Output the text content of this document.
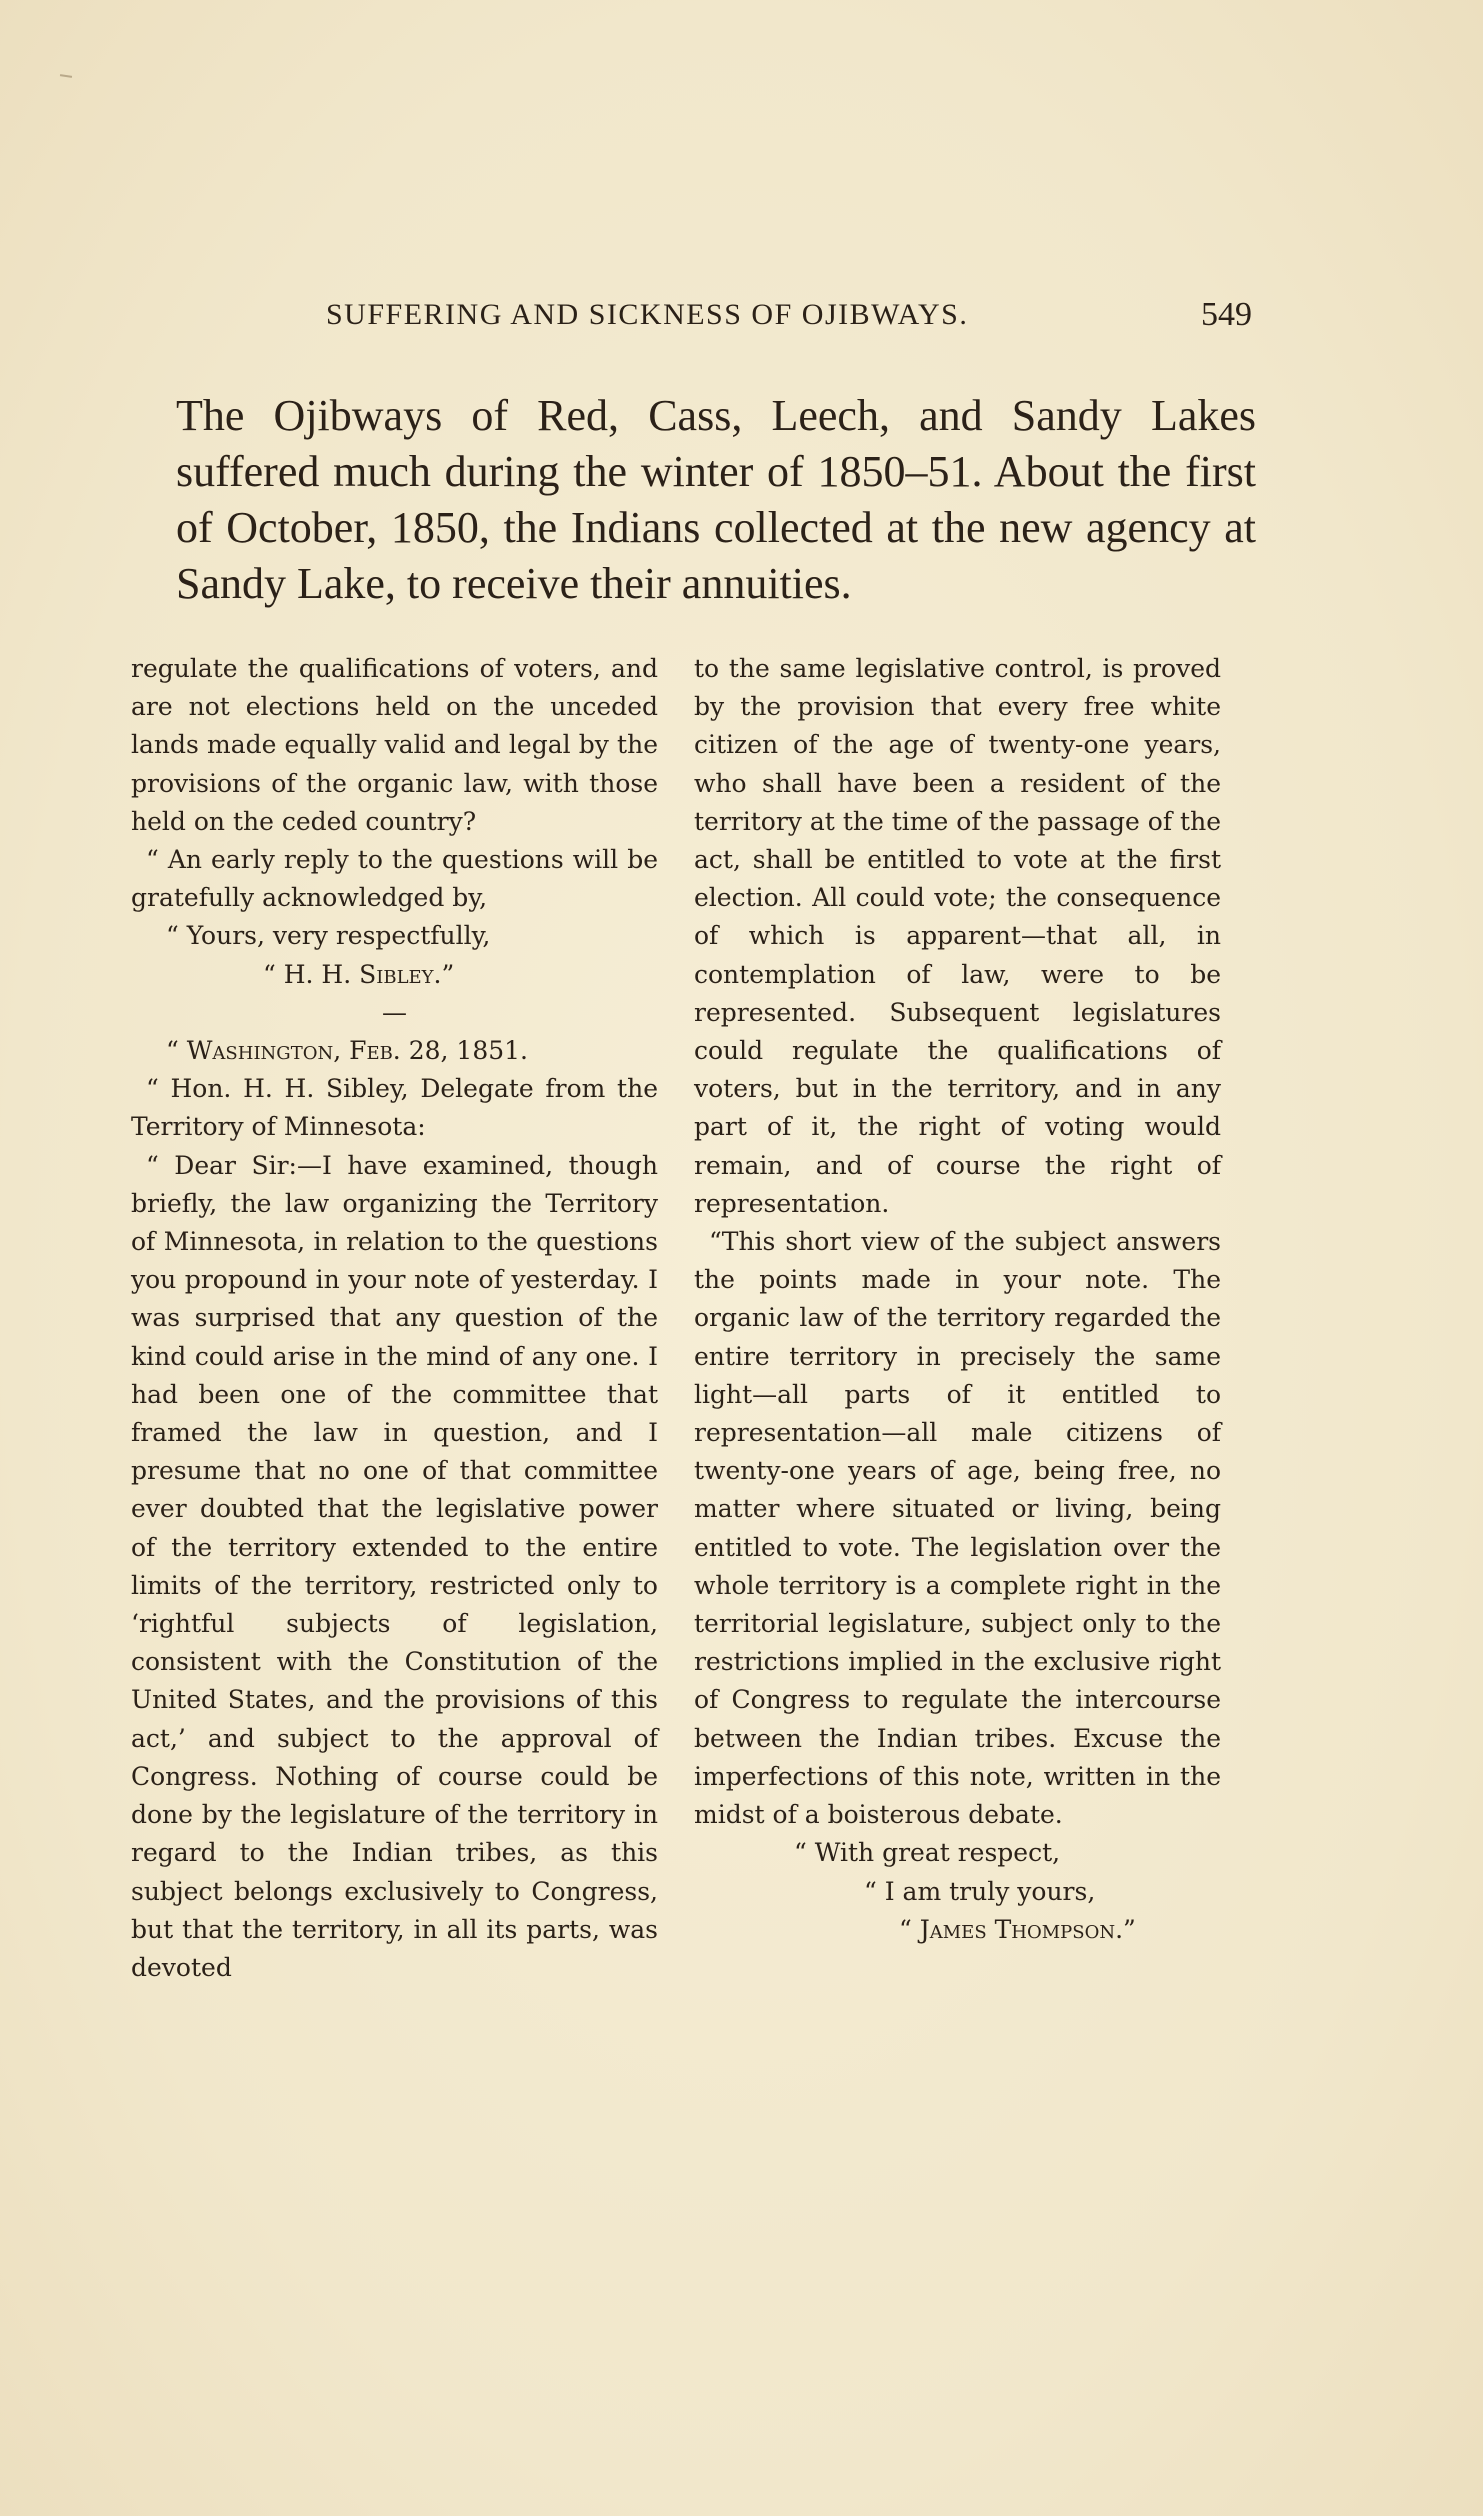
SUFFERING AND SICKNESS OF OJIBWAYS.	549
The Ojibways of Red, Cass, Leech, and Sandy Lakes suffered much during the winter of 1850–51. About the first of October, 1850, the Indians collected at the new agency at Sandy Lake, to receive their annuities.

regulate the qualifications of voters, and are not elections held on the unceded lands made equally valid and legal by the provisions of the organic law, with those held on the ceded country?

“ An early reply to the questions will be gratefully acknowledged by,

“ Yours, very respectfully,

“ H. H. Sibley.”

—

“ Washington, Feb. 28, 1851.

“ Hon. H. H. Sibley, Delegate from the Territory of Minnesota:

“ Dear Sir:—I have examined, though briefly, the law organizing the Territory of Minnesota, in relation to the questions you propound in your note of yesterday. I was surprised that any question of the kind could arise in the mind of any one. I had been one of the committee that framed the law in question, and I presume that no one of that committee ever doubted that the legislative power of the territory extended to the entire limits of the territory, restricted only to ‘rightful subjects of legislation, consistent with the Constitution of the United States, and the provisions of this act,’ and subject to the approval of Congress. Nothing of course could be done by the legislature of the territory in regard to the Indian tribes, as this subject belongs exclusively to Congress, but that the territory, in all its parts, was devoted

to the same legislative control, is proved by the provision that every free white citizen of the age of twenty-one years, who shall have been a resident of the territory at the time of the passage of the act, shall be entitled to vote at the first election. All could vote; the consequence of which is apparent—that all, in contemplation of law, were to be represented. Subsequent legislatures could regulate the qualifications of voters, but in the territory, and in any part of it, the right of voting would remain, and of course the right of representation.

“This short view of the subject answers the points made in your note. The organic law of the territory regarded the entire territory in precisely the same light—all parts of it entitled to representation—all male citizens of twenty-one years of age, being free, no matter where situated or living, being entitled to vote. The legislation over the whole territory is a complete right in the territorial legislature, subject only to the restrictions implied in the exclusive right of Congress to regulate the intercourse between the Indian tribes. Excuse the imperfections of this note, written in the midst of a boisterous debate.

“ With great respect,

“ I am truly yours,

“ James Thompson.”
